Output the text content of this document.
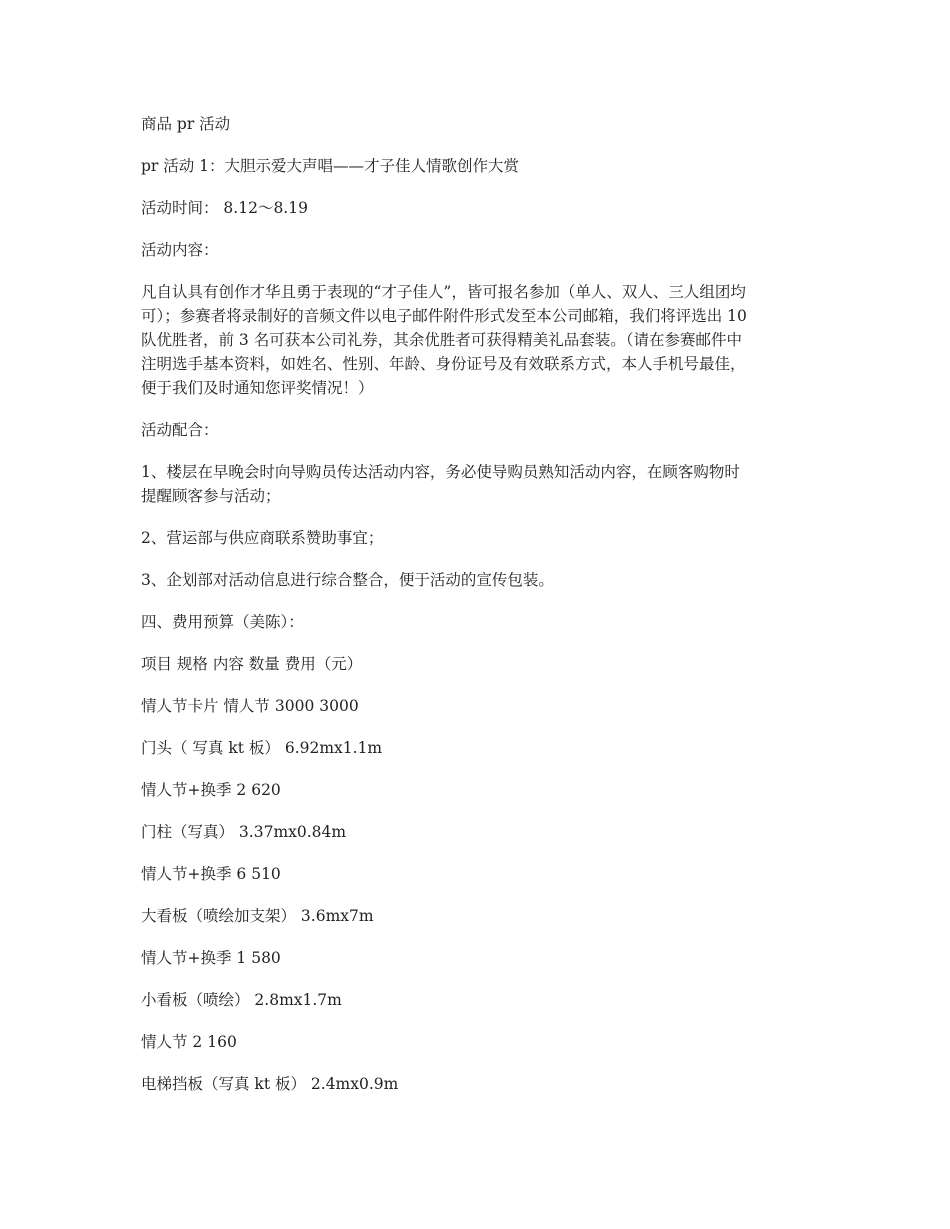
商品 pr 活动

pr 活动 1：大胆示爱大声唱——才子佳人情歌创作大赏

活动时间： 8.12～8.19

活动内容：

凡自认具有创作才华且勇于表现的“才子佳人”，皆可报名参加（单人、双人、三人组团均
可）；参赛者将录制好的音频文件以电子邮件附件形式发至本公司邮箱，我们将评选出 10
队优胜者，前 3 名可获本公司礼券，其余优胜者可获得精美礼品套装。（请在参赛邮件中
注明选手基本资料，如姓名、性别、年龄、身份证号及有效联系方式，本人手机号最佳，
便于我们及时通知您评奖情况！）

活动配合：

1、楼层在早晚会时向导购员传达活动内容，务必使导购员熟知活动内容，在顾客购物时
提醒顾客参与活动；

2、营运部与供应商联系赞助事宜；

3、企划部对活动信息进行综合整合，便于活动的宣传包装。

四、费用预算（美陈）：

项目 规格 内容 数量 费用（元）

情人节卡片 情人节 3000 3000

门头（ 写真 kt 板） 6.92mx1.1m

情人节+换季 2 620

门柱（写真） 3.37mx0.84m

情人节+换季 6 510

大看板（喷绘加支架） 3.6mx7m

情人节+换季 1 580

小看板（喷绘） 2.8mx1.7m

情人节 2 160

电梯挡板（写真 kt 板） 2.4mx0.9m
